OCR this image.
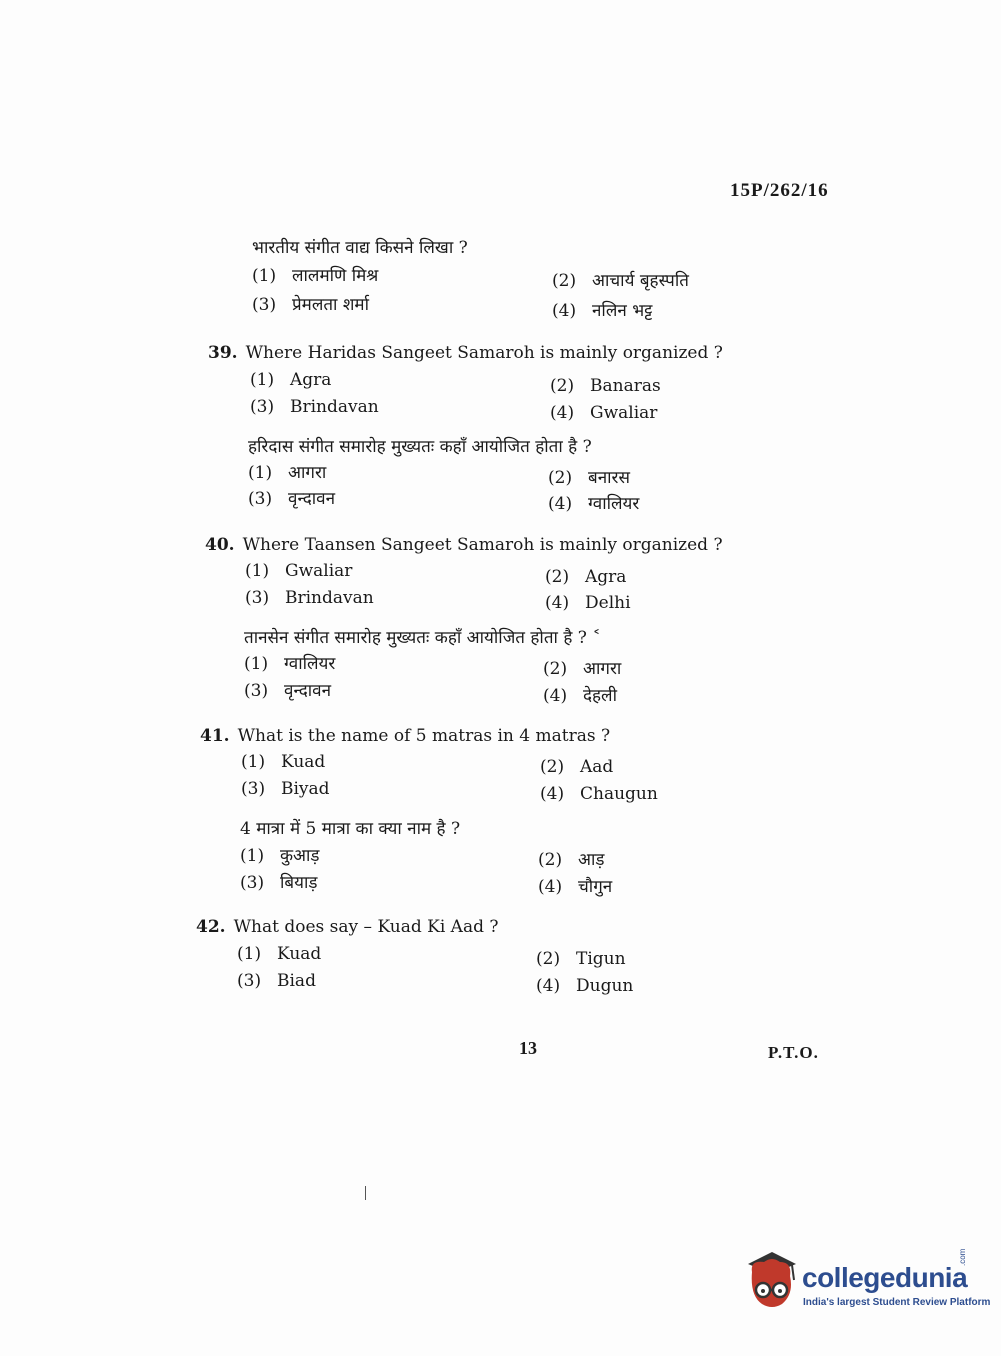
15P/262/16
भारतीय संगीत वाद्य किसने लिखा ?
(1) लालमणि मिश्र	(2) आचार्य बृहस्पति
(3) प्रेमलता शर्मा	(4) नलिन भट्ट
39. Where Haridas Sangeet Samaroh is mainly organized ?
(1) Agra	(2) Banaras
(3) Brindavan	(4) Gwaliar
हरिदास संगीत समारोह मुख्यतः कहाँ आयोजित होता है ?
(1) आगरा	(2) बनारस
(3) वृन्दावन	(4) ग्वालियर
40. Where Taansen Sangeet Samaroh is mainly organized ?
(1) Gwaliar	(2) Agra
(3) Brindavan	(4) Delhi
तानसेन संगीत समारोह मुख्यतः कहाँ आयोजित होता है ? ˂
(1) ग्वालियर	(2) आगरा
(3) वृन्दावन	(4) देहली
41. What is the name of 5 matras in 4 matras ?
(1) Kuad	(2) Aad
(3) Biyad	(4) Chaugun
4 मात्रा में 5 मात्रा का क्या नाम है ?
(1) कुआड़	(2) आड़
(3) बियाड़	(4) चौगुन
42. What does say – Kuad Ki Aad ?
(1) Kuad	(2) Tigun
(3) Biad	(4) Dugun
13	P.T.O.
collegedunia
.com
India's largest Student Review Platform
